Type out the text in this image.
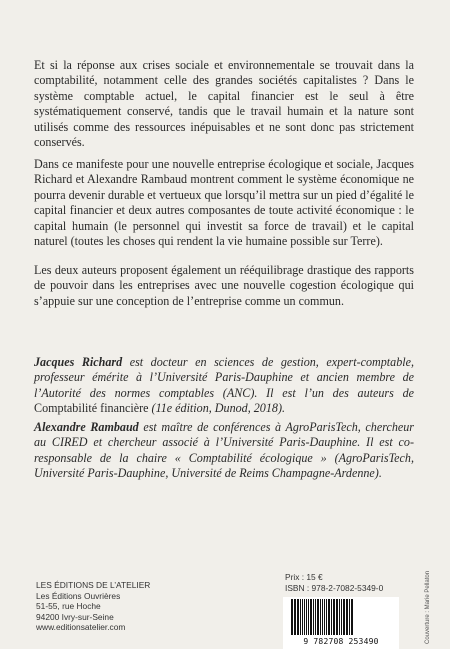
Et si la réponse aux crises sociale et environnementale se trouvait dans la comptabilité, notamment celle des grandes sociétés capitalistes ? Dans le système comptable actuel, le capital financier est le seul à être systématiquement conservé, tandis que le travail humain et la nature sont utilisés comme des ressources inépuisables et ne sont donc pas strictement conservés.

Dans ce manifeste pour une nouvelle entreprise écologique et sociale, Jacques Richard et Alexandre Rambaud montrent comment le système économique ne pourra devenir durable et vertueux que lorsqu’il mettra sur un pied d’égalité le capital financier et deux autres composantes de toute activité économique : le capital humain (le personnel qui investit sa force de travail) et le capital naturel (toutes les choses qui rendent la vie humaine possible sur Terre).

Les deux auteurs proposent également un rééquilibrage drastique des rapports de pouvoir dans les entreprises avec une nouvelle cogestion écologique qui s’appuie sur une conception de l’entreprise comme un commun.

Jacques Richard est docteur en sciences de gestion, expert-comptable, professeur émérite à l’Université Paris-Dauphine et ancien membre de l’Autorité des normes comptables (ANC). Il est l’un des auteurs de Comptabilité financière (11e édition, Dunod, 2018).

Alexandre Rambaud est maître de conférences à AgroParisTech, chercheur au CIRED et chercheur associé à l’Université Paris-Dauphine. Il est co-responsable de la chaire « Comptabilité écologique » (AgroParisTech, Université Paris-Dauphine, Université de Reims Champagne-Ardenne).

LES ÉDITIONS DE L’ATELIER
Les Éditions Ouvrières
51-55, rue Hoche
94200 Ivry-sur-Seine
www.editionsatelier.com
Prix : 15 €
ISBN : 978-2-7082-5349-0
9 782708 253490	Couverture : Marie Pellaton
